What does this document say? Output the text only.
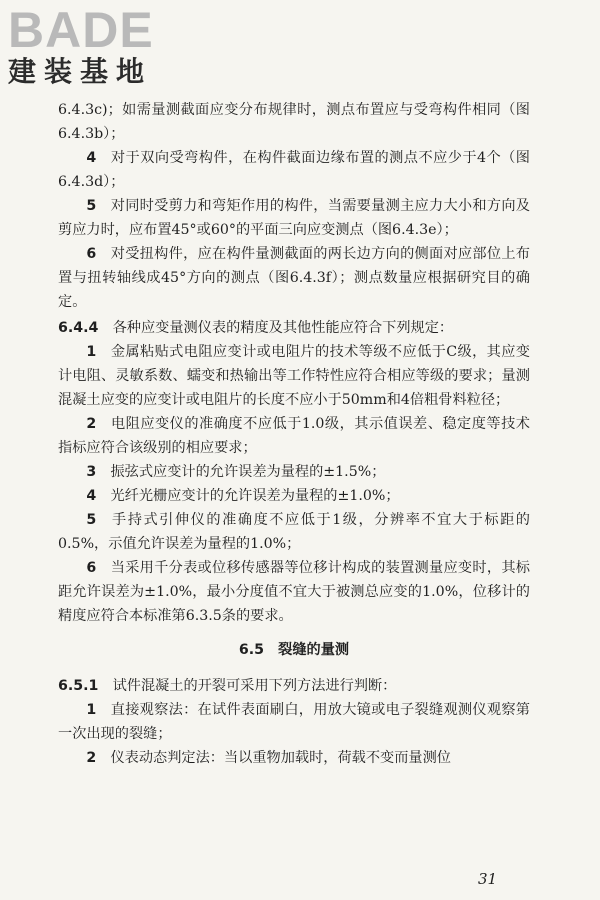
BADE
建装基地

6.4.3c)；如需量测截面应变分布规律时，测点布置应与受弯构件相同（图6.4.3b）；

4  对于双向受弯构件，在构件截面边缘布置的测点不应少于4个（图6.4.3d）；

5  对同时受剪力和弯矩作用的构件，当需要量测主应力大小和方向及剪应力时，应布置45°或60°的平面三向应变测点（图6.4.3e）；

6  对受扭构件，应在构件量测截面的两长边方向的侧面对应部位上布置与扭转轴线成45°方向的测点（图6.4.3f）；测点数量应根据研究目的确定。

6.4.4  各种应变量测仪表的精度及其他性能应符合下列规定：

1  金属粘贴式电阻应变计或电阻片的技术等级不应低于C级，其应变计电阻、灵敏系数、蠕变和热输出等工作特性应符合相应等级的要求；量测混凝土应变的应变计或电阻片的长度不应小于50mm和4倍粗骨料粒径；

2  电阻应变仪的准确度不应低于1.0级，其示值误差、稳定度等技术指标应符合该级别的相应要求；

3  振弦式应变计的允许误差为量程的±1.5%；

4  光纤光栅应变计的允许误差为量程的±1.0%；

5  手持式引伸仪的准确度不应低于1级，分辨率不宜大于标距的0.5%，示值允许误差为量程的1.0%；

6  当采用千分表或位移传感器等位移计构成的装置测量应变时，其标距允许误差为±1.0%，最小分度值不宜大于被测总应变的1.0%，位移计的精度应符合本标准第6.3.5条的要求。

6.5　裂缝的量测

6.5.1  试件混凝土的开裂可采用下列方法进行判断：

1  直接观察法：在试件表面刷白，用放大镜或电子裂缝观测仪观察第一次出现的裂缝；

2  仪表动态判定法：当以重物加载时，荷载不变而量测位

31
